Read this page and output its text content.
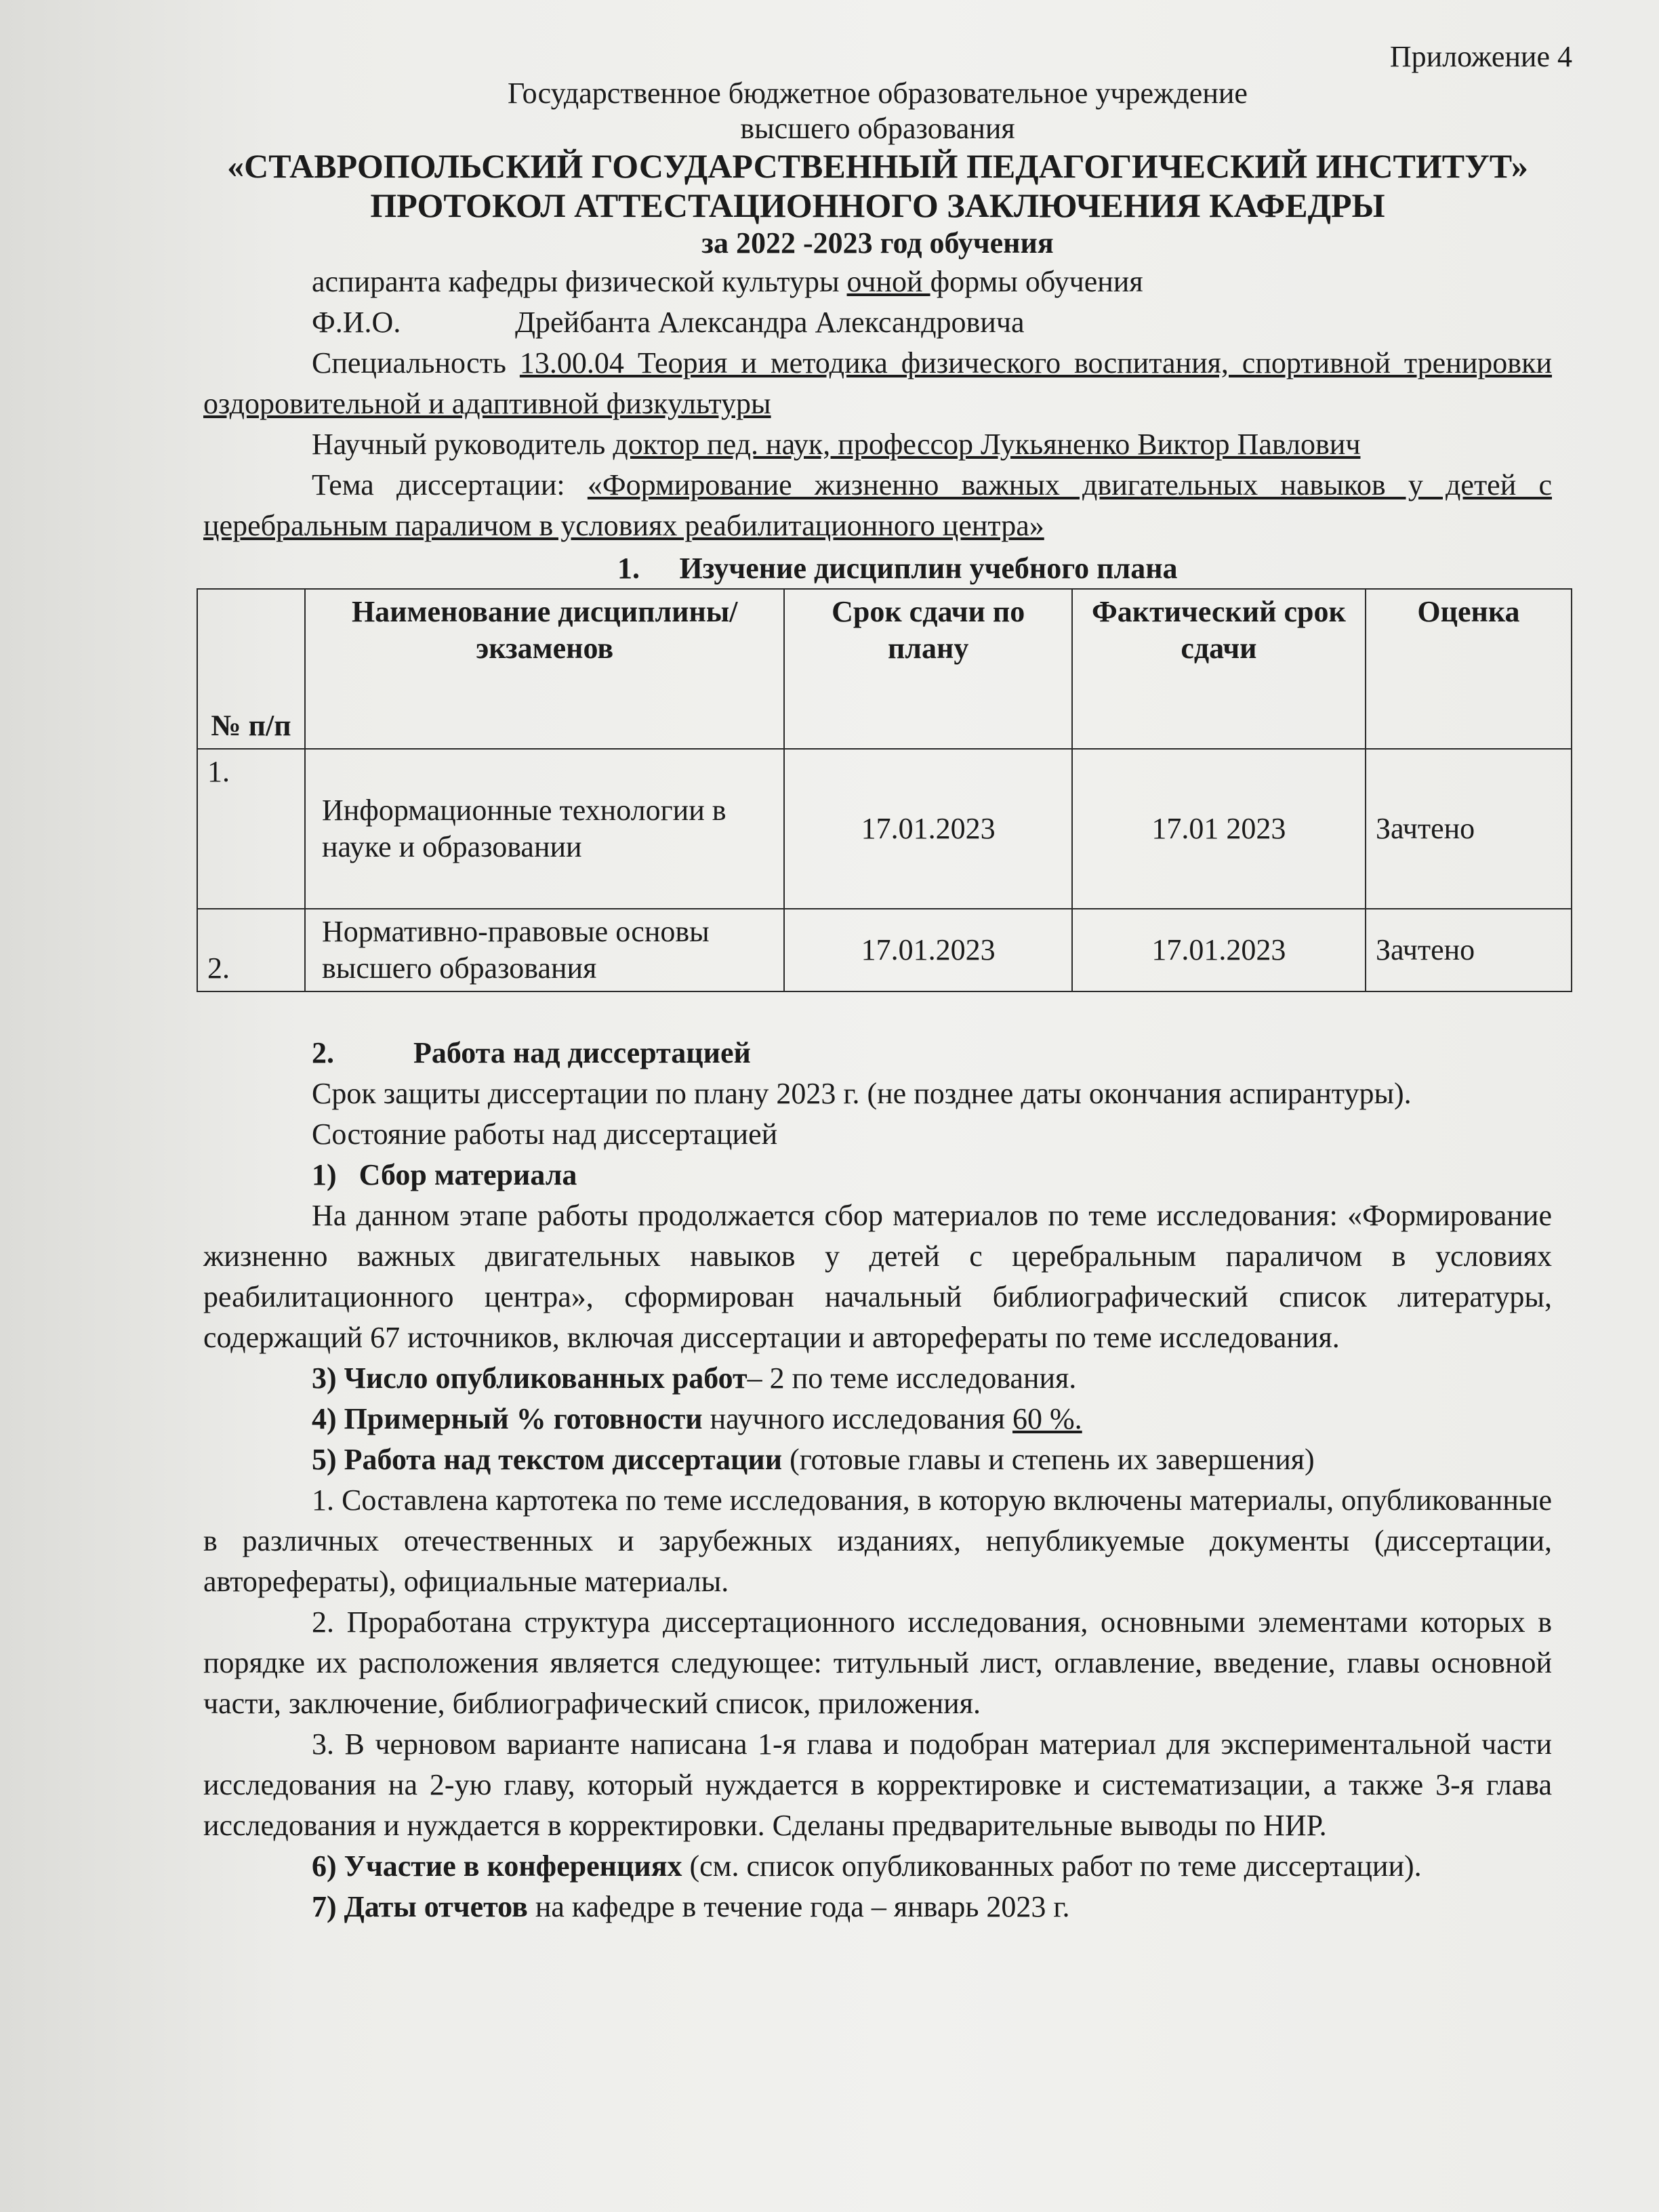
Приложение 4
Государственное бюджетное образовательное учреждение
высшего образования
«СТАВРОПОЛЬСКИЙ ГОСУДАРСТВЕННЫЙ ПЕДАГОГИЧЕСКИЙ ИНСТИТУТ»
ПРОТОКОЛ АТТЕСТАЦИОННОГО ЗАКЛЮЧЕНИЯ КАФЕДРЫ
за 2022 -2023 год обучения
аспиранта кафедры физической культуры очной формы обучения
Ф.И.О.	Дрейбанта Александра Александровича

Специальность 13.00.04 Теория и методика физического воспитания, спортивной тренировки оздоровительной и адаптивной физкультуры

Научный руководитель доктор пед. наук, профессор Лукьяненко Виктор Павлович

Тема диссертации: «Формирование жизненно важных двигательных навыков у детей с церебральным параличом в условиях реабилитационного центра»

1. Изучение дисциплин учебного плана
№ п/п	Наименование дисциплины/ экзаменов	Срок сдачи по плану	Фактический срок сдачи	Оценка
1.	Информационные технологии в науке и образовании	17.01.2023	17.01 2023	Зачтено
2.	Нормативно-правовые основы высшего образования	17.01.2023	17.01.2023	Зачтено
2.	Работа над диссертацией

Срок защиты диссертации по плану 2023 г. (не позднее даты окончания аспирантуры).

Состояние работы над диссертацией
1) Сбор материала

На данном этапе работы продолжается сбор материалов по теме исследования: «Формирование жизненно важных двигательных навыков у детей с церебральным параличом в условиях реабилитационного центра», сформирован начальный библиографический список литературы, содержащий 67 источников, включая диссертации и авторефераты по теме исследования.

3) Число опубликованных работ– 2 по теме исследования.
4) Примерный % готовности научного исследования 60 %.
5) Работа над текстом диссертации (готовые главы и степень их завершения)

1. Составлена картотека по теме исследования, в которую включены материалы, опубликованные в различных отечественных и зарубежных изданиях, непубликуемые документы (диссертации, авторефераты), официальные материалы.

2. Проработана структура диссертационного исследования, основными элементами которых в порядке их расположения является следующее: титульный лист, оглавление, введение, главы основной части, заключение, библиографический список, приложения.

3. В черновом варианте написана 1-я глава и подобран материал для экспериментальной части исследования на 2-ую главу, который нуждается в корректировке и систематизации, а также 3-я глава исследования и нуждается в корректировки. Сделаны предварительные выводы по НИР.

6) Участие в конференциях (см. список опубликованных работ по теме диссертации).

7) Даты отчетов на кафедре в течение года – январь 2023 г.
